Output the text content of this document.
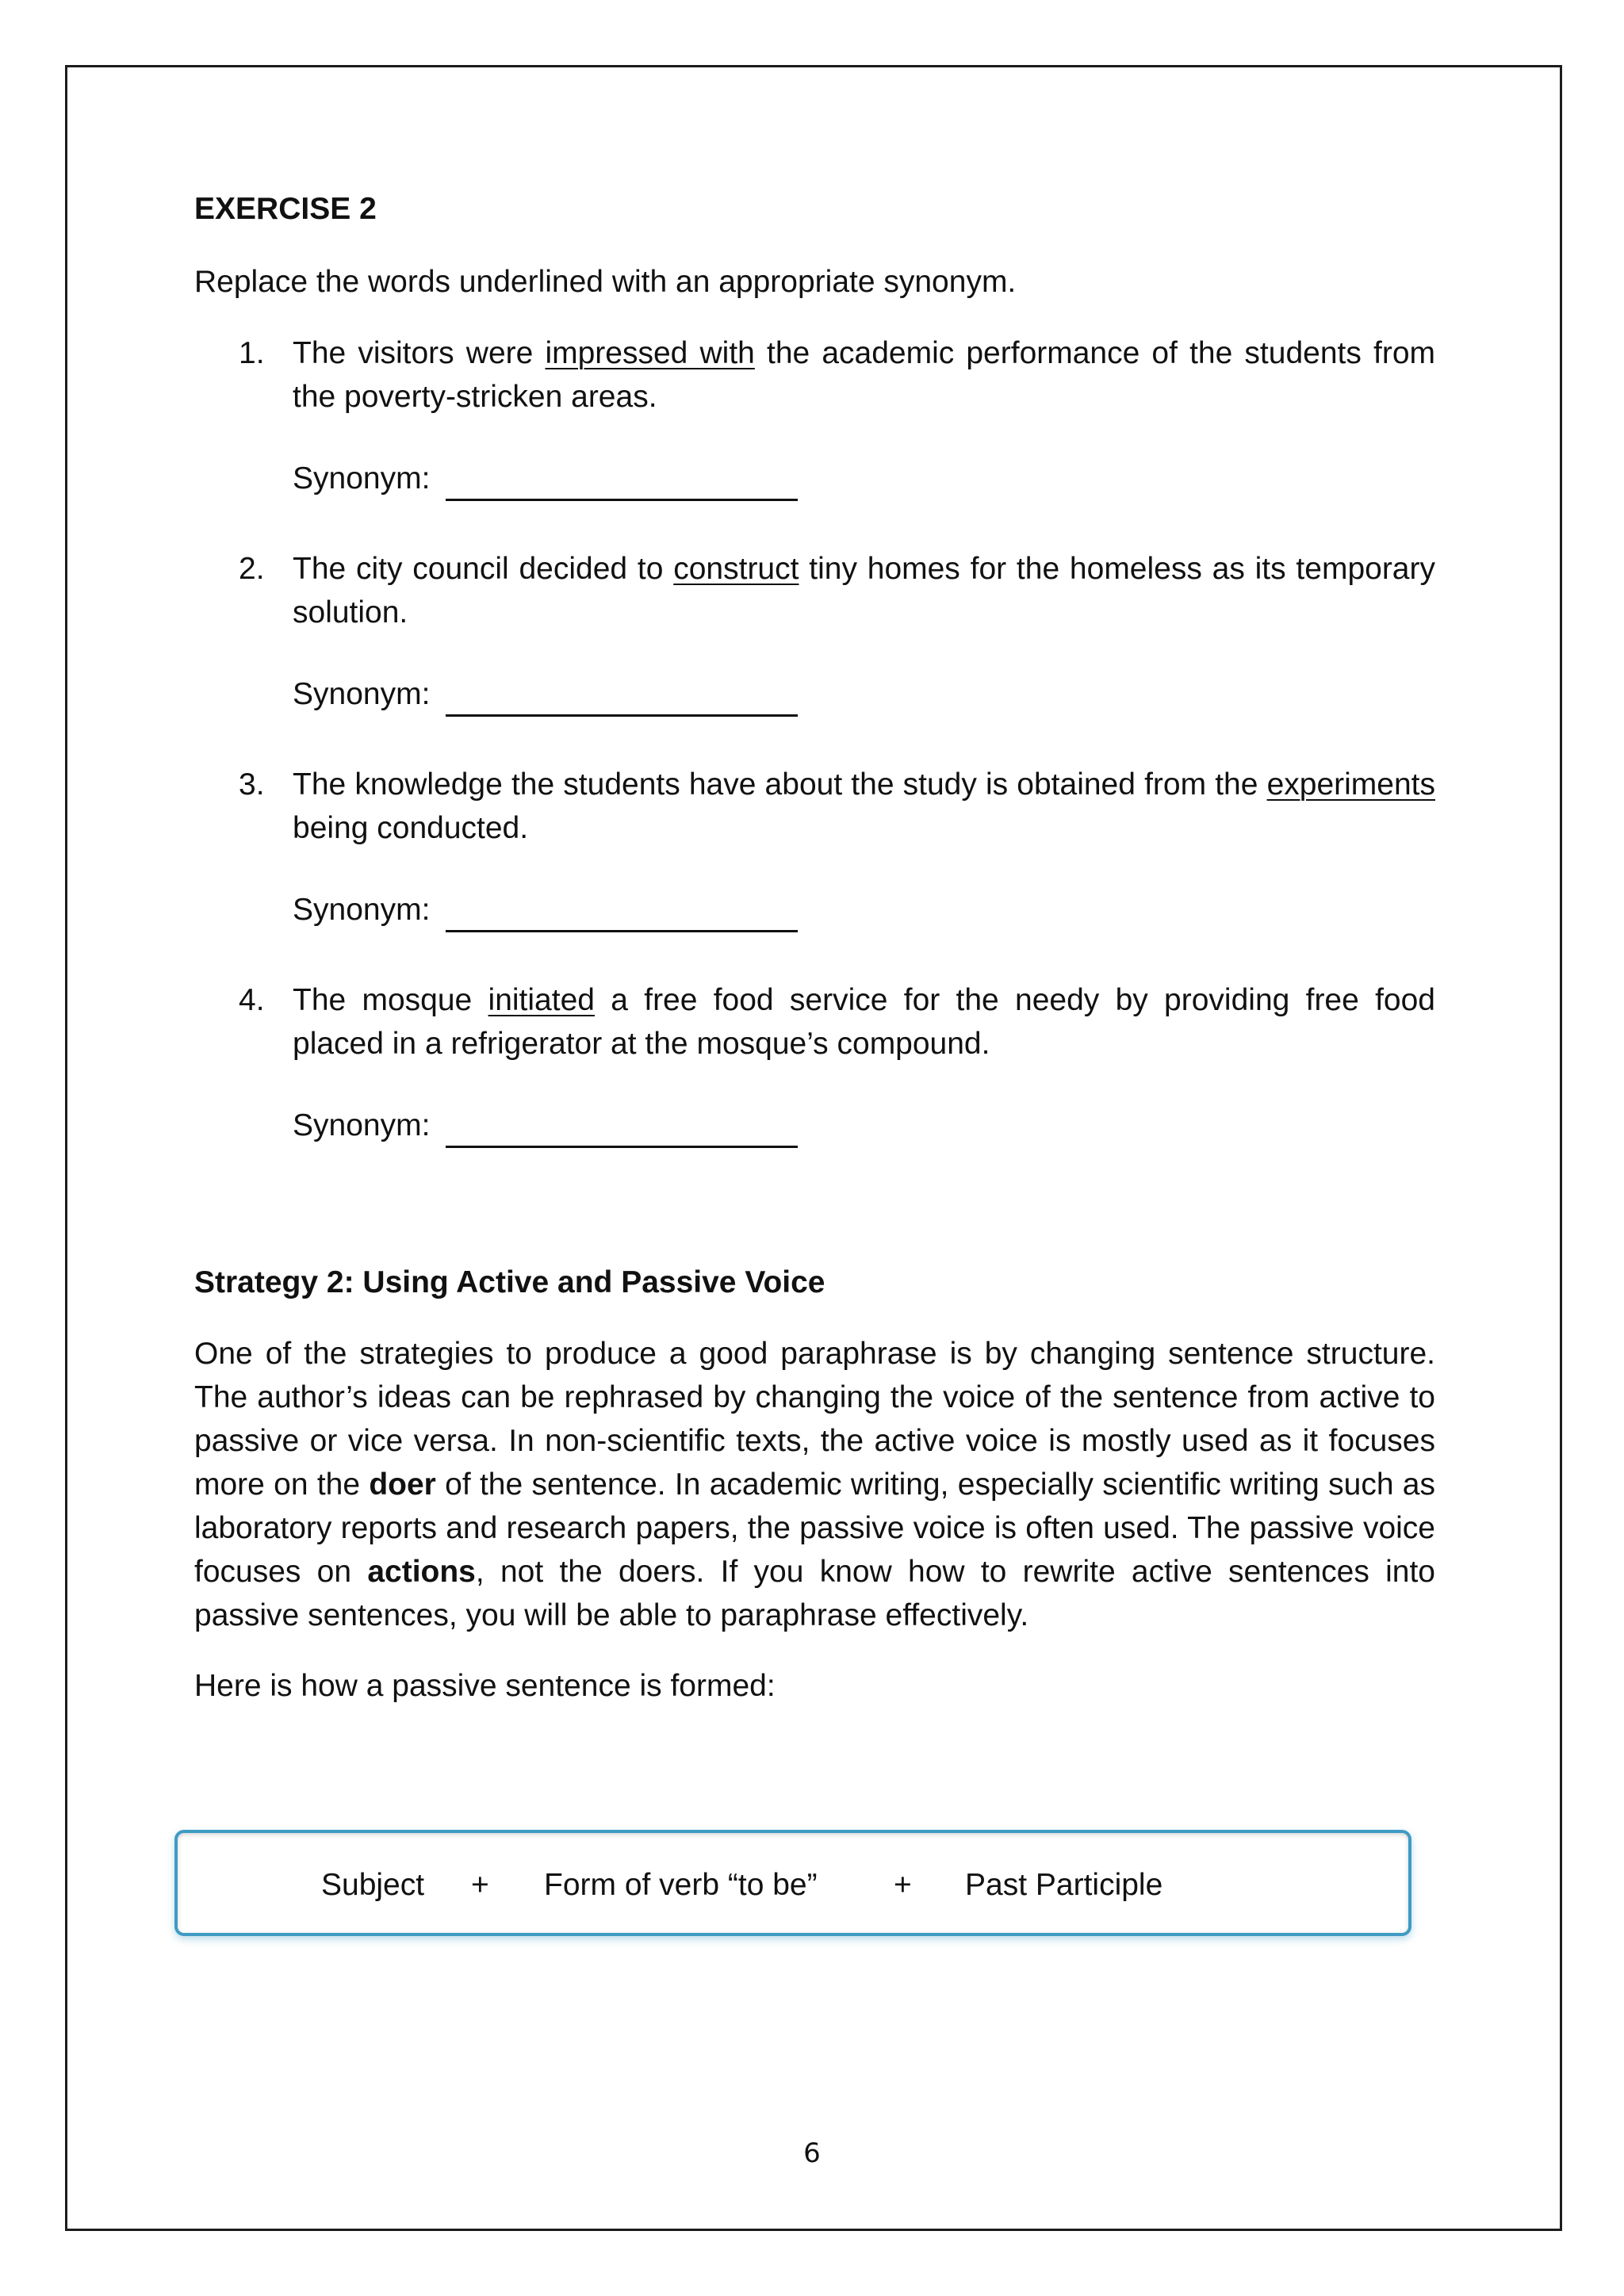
EXERCISE 2

Replace the words underlined with an appropriate synonym.

1. The visitors were impressed with the academic performance of the students from the poverty-stricken areas.

Synonym:
2. The city council decided to construct tiny homes for the homeless as its temporary solution.

Synonym:
3. The knowledge the students have about the study is obtained from the experiments being conducted.

Synonym:
4. The mosque initiated a free food service for the needy by providing free food placed in a refrigerator at the mosque’s compound.

Synonym:

Strategy 2: Using Active and Passive Voice

One of the strategies to produce a good paraphrase is by changing sentence structure. The author’s ideas can be rephrased by changing the voice of the sentence from active to passive or vice versa. In non-scientific texts, the active voice is mostly used as it focuses more on the doer of the sentence. In academic writing, especially scientific writing such as laboratory reports and research papers, the passive voice is often used. The passive voice focuses on actions, not the doers. If you know how to rewrite active sentences into passive sentences, you will be able to paraphrase effectively.

Here is how a passive sentence is formed:

Subject + Form of verb “to be” + Past Participle
6
